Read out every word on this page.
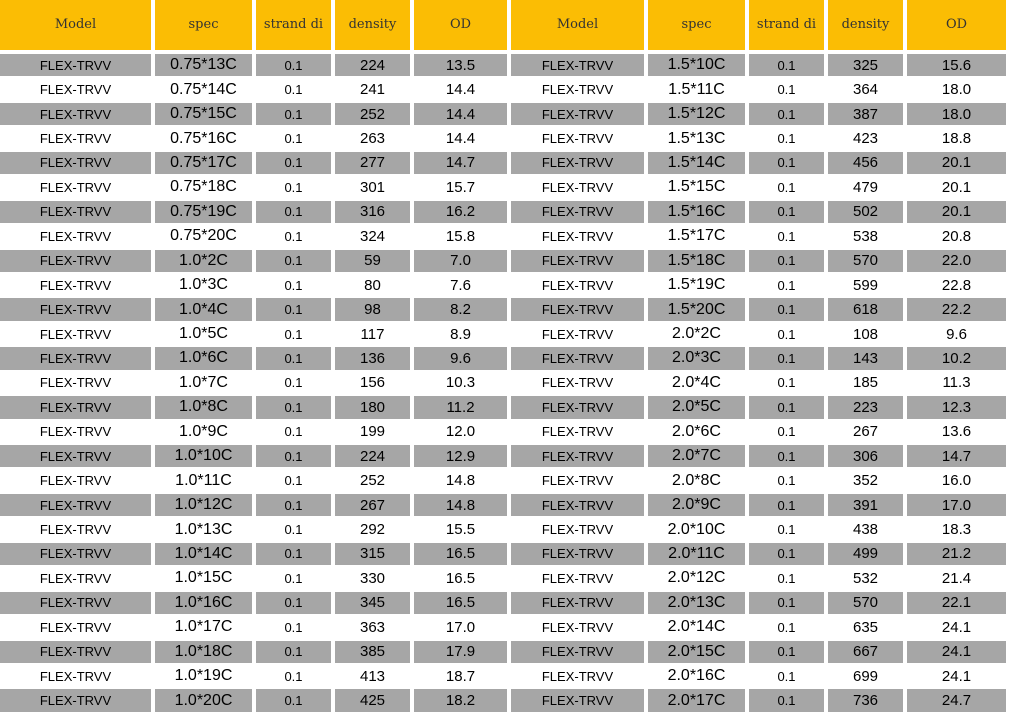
Model	spec	strand di	density	OD	Model	spec	strand di	density	OD
FLEX-TRVV	0.75*13C	0.1	224	13.5	FLEX-TRVV	1.5*10C	0.1	325	15.6
FLEX-TRVV	0.75*14C	0.1	241	14.4	FLEX-TRVV	1.5*11C	0.1	364	18.0
FLEX-TRVV	0.75*15C	0.1	252	14.4	FLEX-TRVV	1.5*12C	0.1	387	18.0
FLEX-TRVV	0.75*16C	0.1	263	14.4	FLEX-TRVV	1.5*13C	0.1	423	18.8
FLEX-TRVV	0.75*17C	0.1	277	14.7	FLEX-TRVV	1.5*14C	0.1	456	20.1
FLEX-TRVV	0.75*18C	0.1	301	15.7	FLEX-TRVV	1.5*15C	0.1	479	20.1
FLEX-TRVV	0.75*19C	0.1	316	16.2	FLEX-TRVV	1.5*16C	0.1	502	20.1
FLEX-TRVV	0.75*20C	0.1	324	15.8	FLEX-TRVV	1.5*17C	0.1	538	20.8
FLEX-TRVV	1.0*2C	0.1	59	7.0	FLEX-TRVV	1.5*18C	0.1	570	22.0
FLEX-TRVV	1.0*3C	0.1	80	7.6	FLEX-TRVV	1.5*19C	0.1	599	22.8
FLEX-TRVV	1.0*4C	0.1	98	8.2	FLEX-TRVV	1.5*20C	0.1	618	22.2
FLEX-TRVV	1.0*5C	0.1	117	8.9	FLEX-TRVV	2.0*2C	0.1	108	9.6
FLEX-TRVV	1.0*6C	0.1	136	9.6	FLEX-TRVV	2.0*3C	0.1	143	10.2
FLEX-TRVV	1.0*7C	0.1	156	10.3	FLEX-TRVV	2.0*4C	0.1	185	11.3
FLEX-TRVV	1.0*8C	0.1	180	11.2	FLEX-TRVV	2.0*5C	0.1	223	12.3
FLEX-TRVV	1.0*9C	0.1	199	12.0	FLEX-TRVV	2.0*6C	0.1	267	13.6
FLEX-TRVV	1.0*10C	0.1	224	12.9	FLEX-TRVV	2.0*7C	0.1	306	14.7
FLEX-TRVV	1.0*11C	0.1	252	14.8	FLEX-TRVV	2.0*8C	0.1	352	16.0
FLEX-TRVV	1.0*12C	0.1	267	14.8	FLEX-TRVV	2.0*9C	0.1	391	17.0
FLEX-TRVV	1.0*13C	0.1	292	15.5	FLEX-TRVV	2.0*10C	0.1	438	18.3
FLEX-TRVV	1.0*14C	0.1	315	16.5	FLEX-TRVV	2.0*11C	0.1	499	21.2
FLEX-TRVV	1.0*15C	0.1	330	16.5	FLEX-TRVV	2.0*12C	0.1	532	21.4
FLEX-TRVV	1.0*16C	0.1	345	16.5	FLEX-TRVV	2.0*13C	0.1	570	22.1
FLEX-TRVV	1.0*17C	0.1	363	17.0	FLEX-TRVV	2.0*14C	0.1	635	24.1
FLEX-TRVV	1.0*18C	0.1	385	17.9	FLEX-TRVV	2.0*15C	0.1	667	24.1
FLEX-TRVV	1.0*19C	0.1	413	18.7	FLEX-TRVV	2.0*16C	0.1	699	24.1
FLEX-TRVV	1.0*20C	0.1	425	18.2	FLEX-TRVV	2.0*17C	0.1	736	24.7
